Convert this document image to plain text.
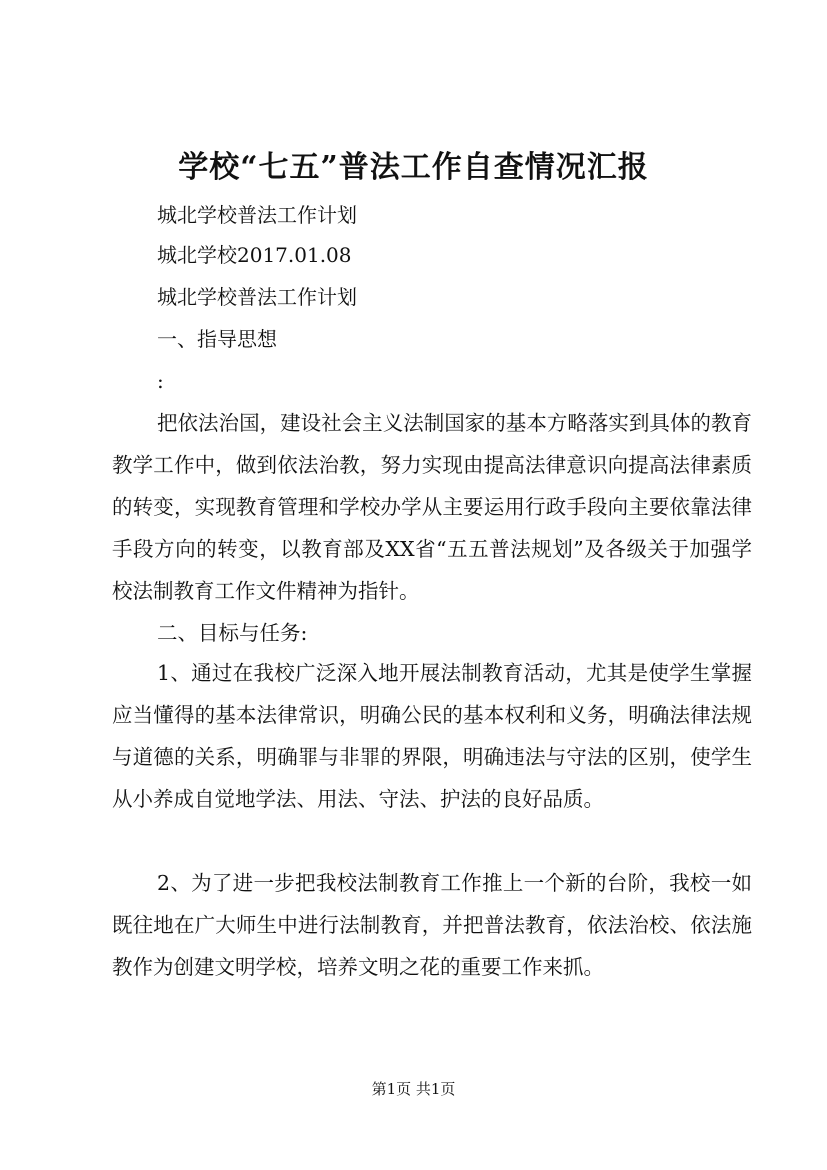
学校“七五”普法工作自查情况汇报
城北学校普法工作计划
城北学校2017.01.08
城北学校普法工作计划
一、指导思想
:

把依法治国，建设社会主义法制国家的基本方略落实到具体的教育教学工作中，做到依法治教，努力实现由提高法律意识向提高法律素质的转变，实现教育管理和学校办学从主要运用行政手段向主要依靠法律手段方向的转变，以教育部及XX省“五五普法规划”及各级关于加强学校法制教育工作文件精神为指针。

二、目标与任务:

1、通过在我校广泛深入地开展法制教育活动，尤其是使学生掌握应当懂得的基本法律常识，明确公民的基本权利和义务，明确法律法规与道德的关系，明确罪与非罪的界限，明确违法与守法的区别，使学生从小养成自觉地学法、用法、守法、护法的良好品质。

2、为了进一步把我校法制教育工作推上一个新的台阶，我校一如既往地在广大师生中进行法制教育，并把普法教育，依法治校、依法施教作为创建文明学校，培养文明之花的重要工作来抓。

第1页 共1页
